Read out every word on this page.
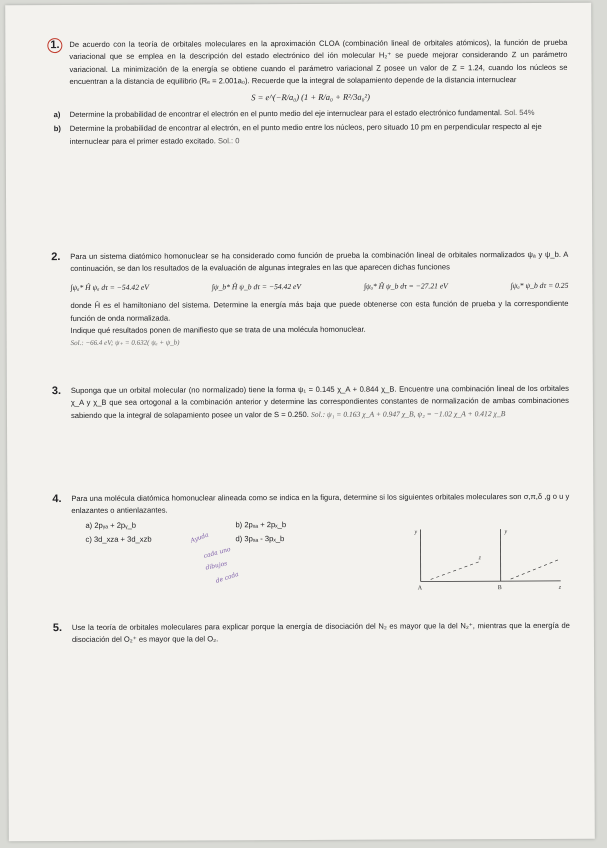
1.	De acuerdo con la teoría de orbitales moleculares en la aproximación CLOA (combinación lineal de orbitales atómicos), la función de prueba variacional que se emplea en la descripción del estado electrónico del ión molecular H₂⁺ se puede mejorar considerando Z un parámetro variacional. La minimización de la energía se obtiene cuando el parámetro variacional Z posee un valor de Z = 1.24, cuando los núcleos se encuentran a la distancia de equilibrio (Rₑ = 2.001a₀). Recuerde que la integral de solapamiento depende de la distancia internuclear
S = e^(−R/a₀) (1 + R/a₀ + R²/3a₀²)
a) Determine la probabilidad de encontrar el electrón en el punto medio del eje internuclear para el estado electrónico fundamental. Sol. 54%
b) Determine la probabilidad de encontrar al electrón, en el punto medio entre los núcleos, pero situado 10 pm en perpendicular respecto al eje internuclear para el primer estado excitado. Sol.: 0
2.	Para un sistema diatómico homonuclear se ha considerado como función de prueba la combinación lineal de orbitales normalizados ψₐ y ψ_b. A continuación, se dan los resultados de la evaluación de algunas integrales en las que aparecen dichas funciones
∫ψₐ* Ĥ ψₐ dτ = −54.42 eV	∫ψ_b* Ĥ ψ_b dτ = −54.42 eV	∫ψₐ* Ĥ ψ_b dτ = −27.21 eV	∫ψₐ* ψ_b dτ = 0.25
donde Ĥ es el hamiltoniano del sistema. Determine la energía más baja que puede obtenerse con esta función de prueba y la correspondiente función de onda normalizada.
Indique qué resultados ponen de manifiesto que se trata de una molécula homonuclear.
Sol.: −66.4 eV; ψ₊ = 0.632( ψₐ + ψ_b)
3.	Suponga que un orbital molecular (no normalizado) tiene la forma ψ₁ = 0.145 χ_A + 0.844 χ_B. Encuentre una combinación lineal de los orbitales χ_A y χ_B que sea ortogonal a la combinación anterior y determine las correspondientes constantes de normalización de ambas combinaciones sabiendo que la integral de solapamiento posee un valor de S = 0.250. Sol.: ψ₁ = 0.163 χ_A + 0.947 χ_B, ψ₂ = −1.02 χ_A + 0.412 χ_B
4.	Para una molécula diatómica homonuclear alineada como se indica en la figura, determine si los siguientes orbitales moleculares son σ,π,δ ,g o u y enlazantes o antienlazantes.
a) 2pᵧₐ + 2pᵧ_b	b) 2pₓₐ + 2pₓ_b
c) 3d_xza + 3d_xzb	d) 3pₓₐ - 3pₓ_b
Ayuda
cada uno
dibujos
de cada
y	y
z
A	B	z
5.	Use la teoría de orbitales moleculares para explicar porque la energía de disociación del N₂ es mayor que la del N₂⁺, mientras que la energía de disociación del O₂⁺ es mayor que la del O₂.
